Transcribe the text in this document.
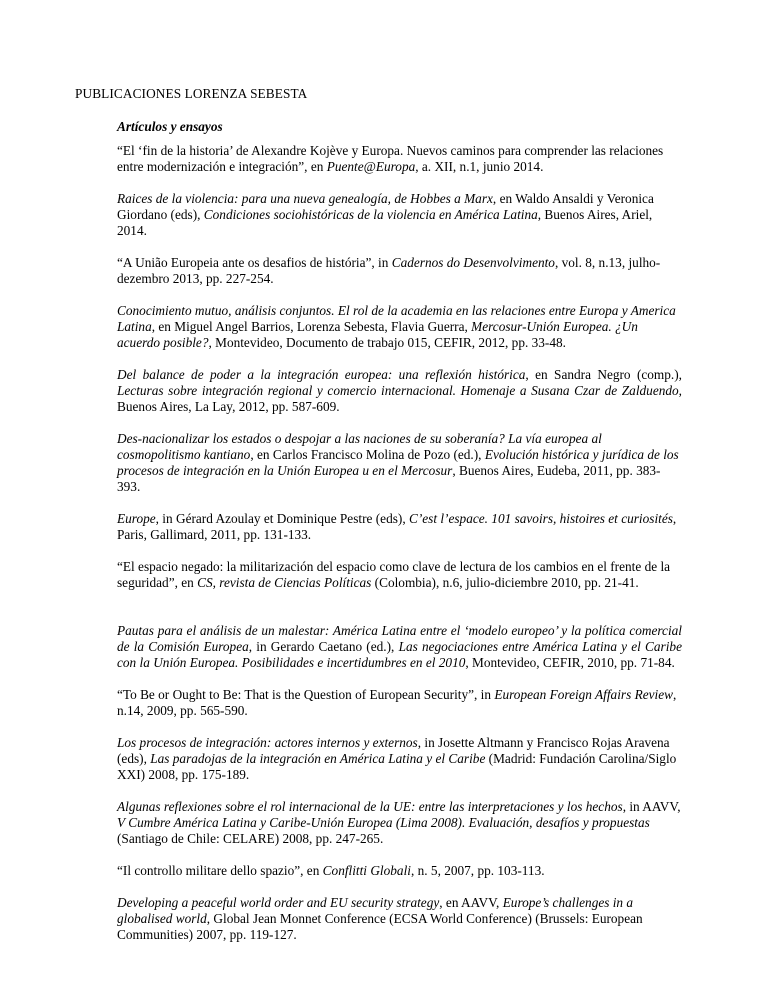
PUBLICACIONES LORENZA SEBESTA
Artículos y ensayos
“El ‘fin de la historia’ de Alexandre Kojève y Europa. Nuevos caminos para comprender las relaciones entre modernización e integración”, en Puente@Europa, a. XII, n.1, junio 2014.
Raices de la violencia: para una nueva genealogía, de Hobbes a Marx, en Waldo Ansaldi y Veronica Giordano (eds), Condiciones sociohistóricas de la violencia en América Latina, Buenos Aires, Ariel, 2014.
“A União Europeia ante os desafios de história”, in Cadernos do Desenvolvimento, vol. 8, n.13, julho-dezembro 2013, pp. 227-254.
Conocimiento mutuo, análisis conjuntos. El rol de la academia en las relaciones entre Europa y America Latina, en Miguel Angel Barrios, Lorenza Sebesta, Flavia Guerra, Mercosur-Unión Europea. ¿Un acuerdo posible?, Montevideo, Documento de trabajo 015, CEFIR, 2012, pp. 33-48.
Del balance de poder a la integración europea: una reflexión histórica, en Sandra Negro (comp.), Lecturas sobre integración regional y comercio internacional. Homenaje a Susana Czar de Zalduendo, Buenos Aires, La Lay, 2012, pp. 587-609.
Des-nacionalizar los estados o despojar a las naciones de su soberanía? La vía europea al cosmopolitismo kantiano, en Carlos Francisco Molina de Pozo (ed.), Evolución histórica y jurídica de los procesos de integración en la Unión Europea u en el Mercosur, Buenos Aires, Eudeba, 2011, pp. 383-393.
Europe, in Gérard Azoulay et Dominique Pestre (eds), C’est l’espace. 101 savoirs, histoires et curiosités, Paris, Gallimard, 2011, pp. 131-133.
“El espacio negado: la militarización del espacio como clave de lectura de los cambios en el frente de la seguridad”, en CS, revista de Ciencias Políticas (Colombia), n.6, julio-diciembre 2010, pp. 21-41.
Pautas para el análisis de un malestar: América Latina entre el ‘modelo europeo’ y la política comercial de la Comisión Europea, in Gerardo Caetano (ed.), Las negociaciones entre América Latina y el Caribe con la Unión Europea. Posibilidades e incertidumbres en el 2010, Montevideo, CEFIR, 2010, pp. 71-84.
“To Be or Ought to Be: That is the Question of European Security”, in European Foreign Affairs Review, n.14, 2009, pp. 565-590.
Los procesos de integración: actores internos y externos, in Josette Altmann y Francisco Rojas Aravena (eds), Las paradojas de la integración en América Latina y el Caribe (Madrid: Fundación Carolina/Siglo XXI) 2008, pp. 175-189.
Algunas reflexiones sobre el rol internacional de la UE: entre las interpretaciones y los hechos, in AAVV, V Cumbre América Latina y Caribe-Unión Europea (Lima 2008). Evaluación, desafíos y propuestas (Santiago de Chile: CELARE) 2008, pp. 247-265.
“Il controllo militare dello spazio”, en Conflitti Globali, n. 5, 2007, pp. 103-113.
Developing a peaceful world order and EU security strategy, en AAVV, Europe’s challenges in a globalised world, Global Jean Monnet Conference (ECSA World Conference) (Brussels: European Communities) 2007, pp. 119-127.
